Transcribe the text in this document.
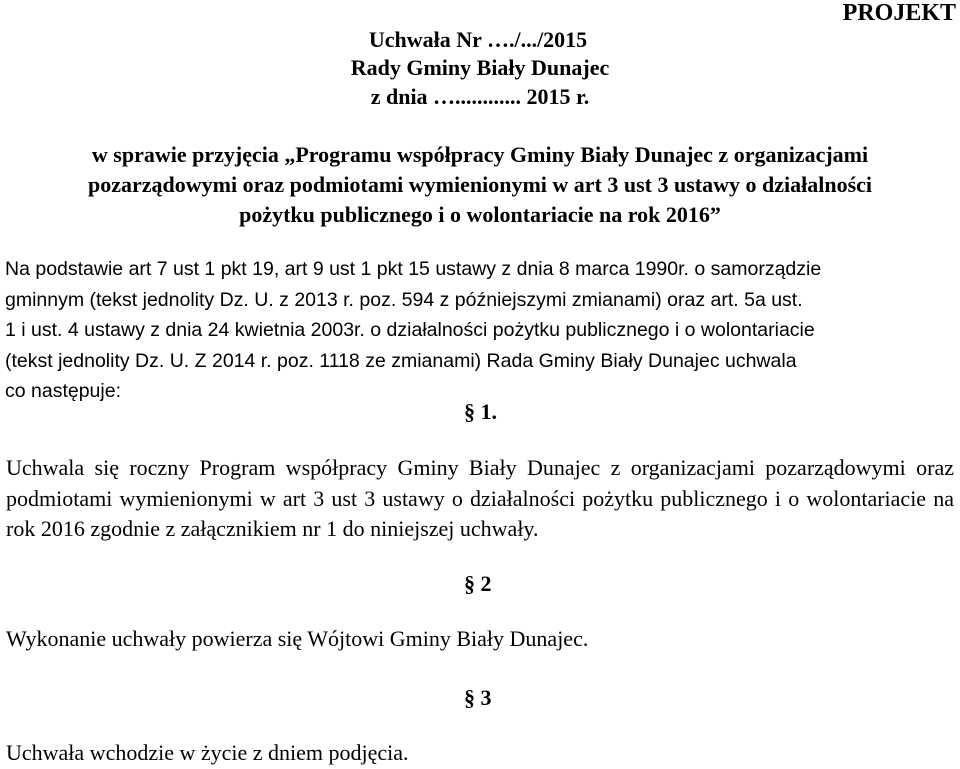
PROJEKT
Uchwała Nr …./.../2015
Rady Gminy Biały Dunajec
z dnia …............ 2015 r.
w sprawie przyjęcia „Programu współpracy Gminy Biały Dunajec z organizacjami
pozarządowymi oraz podmiotami wymienionymi w art 3 ust 3 ustawy o działalności
pożytku publicznego i o wolontariacie na rok 2016”
Na podstawie art 7 ust 1 pkt 19, art 9 ust 1 pkt 15 ustawy z dnia 8 marca 1990r. o samorządzie
gminnym (tekst jednolity Dz. U. z 2013 r. poz. 594 z późniejszymi zmianami) oraz art. 5a ust.
1 i ust. 4 ustawy z dnia 24 kwietnia 2003r. o działalności pożytku publicznego i o wolontariacie
(tekst jednolity Dz. U. Z 2014 r. poz. 1118 ze zmianami) Rada Gminy Biały Dunajec uchwala
co następuje:
§ 1.
Uchwala się roczny Program współpracy Gminy Biały Dunajec z organizacjami pozarządowymi oraz podmiotami wymienionymi w art 3 ust 3 ustawy o działalności pożytku publicznego i o wolontariacie na rok 2016 zgodnie z załącznikiem nr 1 do niniejszej uchwały.
§ 2
Wykonanie uchwały powierza się Wójtowi Gminy Biały Dunajec.
§ 3
Uchwała wchodzie w życie z dniem podjęcia.
